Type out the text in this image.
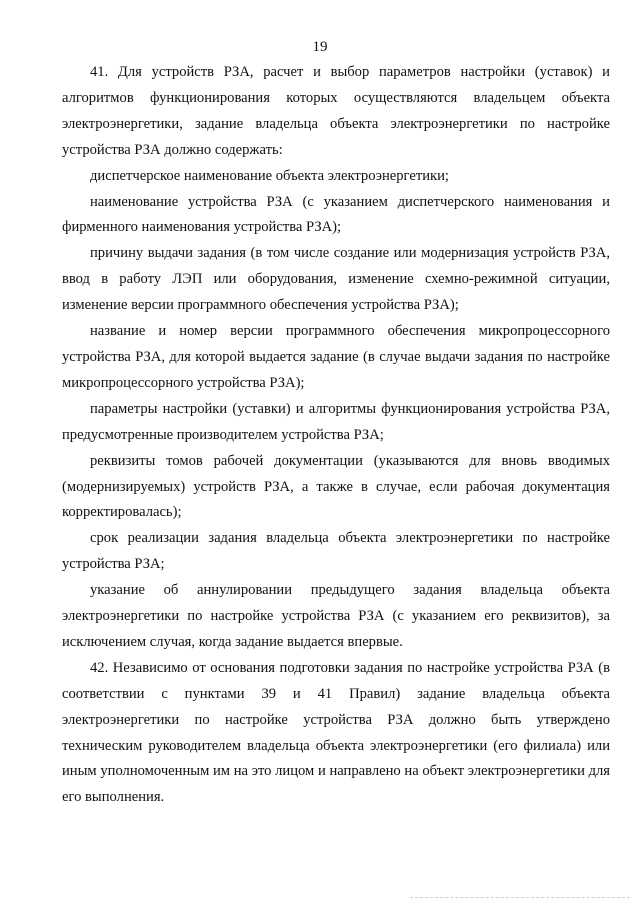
19

41. Для устройств РЗА, расчет и выбор параметров настройки (уставок) и алгоритмов функционирования которых осуществляются владельцем объекта электроэнергетики, задание владельца объекта электроэнергетики по настройке устройства РЗА должно содержать:

диспетчерское наименование объекта электроэнергетики;

наименование устройства РЗА (с указанием диспетчерского наименования и фирменного наименования устройства РЗА);

причину выдачи задания (в том числе создание или модернизация устройств РЗА, ввод в работу ЛЭП или оборудования, изменение схемно-режимной ситуации, изменение версии программного обеспечения устройства РЗА);

название и номер версии программного обеспечения микропроцессорного устройства РЗА, для которой выдается задание (в случае выдачи задания по настройке микропроцессорного устройства РЗА);

параметры настройки (уставки) и алгоритмы функционирования устройства РЗА, предусмотренные производителем устройства РЗА;

реквизиты томов рабочей документации (указываются для вновь вводимых (модернизируемых) устройств РЗА, а также в случае, если рабочая документация корректировалась);

срок реализации задания владельца объекта электроэнергетики по настройке устройства РЗА;

указание об аннулировании предыдущего задания владельца объекта электроэнергетики по настройке устройства РЗА (с указанием его реквизитов), за исключением случая, когда задание выдается впервые.

42. Независимо от основания подготовки задания по настройке устройства РЗА (в соответствии с пунктами 39 и 41 Правил) задание владельца объекта электроэнергетики по настройке устройства РЗА должно быть утверждено техническим руководителем владельца объекта электроэнергетики (его филиала) или иным уполномоченным им на это лицом и направлено на объект электроэнергетики для его выполнения.
